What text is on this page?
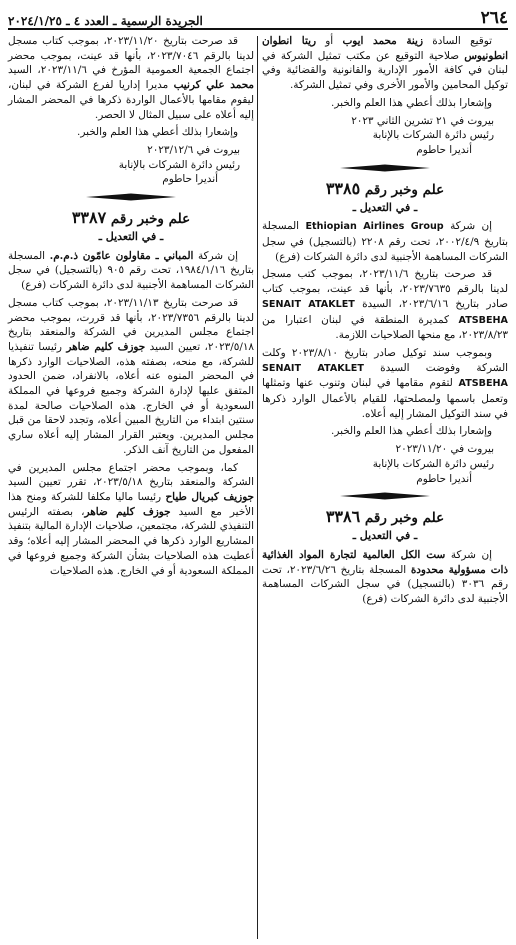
٢٦٤
الجريدة الرسمية ـ العدد ٤ ـ ٢٠٢٤/١/٢٥

توقيع السادة زينة محمد ايوب أو ريتا انطوان انطونيوس صلاحية التوقيع عن مكتب تمثيل الشركة في لبنان في كافة الأمور الإدارية والقانونية والقضائية وفي توكيل المحامين والأمور الأخرى وفي تمثيل الشركة.

وإشعارا بذلك أعطي هذا العلم والخبر.

بيروت في ٢١ تشرين الثاني ٢٠٢٣

رئيس دائرة الشركات بالإنابة

أنديرا حاطوم

علم وخبر رقم ٣٣٨٥

ـ في التعديل ـ

إن شركة Ethiopian Airlines Group المسجلة بتاريخ ٢٠٠٢/٤/٩، تحت رقم ٢٢٠٨ (بالتسجيل) في سجل الشركات المساهمة الأجنبية لدى دائرة الشركات (فرع)

قد صرحت بتاريخ ٢٠٢٣/١١/٦، بموجب كتب مسجل لدينا بالرقم ٢٠٢٣/٧٦٣٥، بأنها قد عينت، بموجب كتاب صادر بتاريخ ٢٠٢٣/٦/١٦، السيدة SENAIT ATAKLET ATSBEHA كمديرة المنطقة في لبنان اعتبارا من ٢٠٢٣/٨/٢٣، مع منحها الصلاحيات اللازمة.

وبموجب سند توكيل صادر بتاريخ ٢٠٢٣/٨/١٠ وكلت الشركة وفوضت السيدة SENAIT ATAKLET ATSBEHA لتقوم مقامها في لبنان وتنوب عنها وتمثلها وتعمل باسمها ولمصلحتها، للقيام بالأعمال الوارد ذكرها في سند التوكيل المشار إليه أعلاه.

وإشعارا بذلك أعطي هذا العلم والخبر.

بيروت في ٢٠٢٣/١١/٢٠

رئيس دائرة الشركات بالإنابة

أنديرا حاطوم

علم وخبر رقم ٣٣٨٦

ـ في التعديل ـ

إن شركة ست الكل العالمية لتجارة المواد الغذائية ذات مسؤولية محدودة المسجلة بتاريخ ٢٠٢٣/٦/٢٦، تحت رقم ٣٠٣٦ (بالتسجيل) في سجل الشركات المساهمة الأجنبية لدى دائرة الشركات (فرع)

قد صرحت بتاريخ ٢٠٢٣/١١/٢٠، بموجب كتاب مسجل لدينا بالرقم ٢٠٢٣/٧٠٤٦، بأنها قد عينت، بموجب محضر اجتماع الجمعية العمومية المؤرخ في ٢٠٢٣/١١/٦، السيد محمد علي كرنيب مديرا إداريا لفرع الشركة في لبنان، ليقوم مقامها بالأعمال الواردة ذكرها في المحضر المشار إليه أعلاه على سبيل المثال لا الحصر.

وإشعارا بذلك أعطي هذا العلم والخبر.

بيروت في ٢٠٢٣/١٢/٦

رئيس دائرة الشركات بالإنابة

أنديرا حاطوم

علم وخبر رقم ٣٣٨٧

ـ في التعديل ـ

إن شركة المباني ـ مقاولون عامّون ذ.م.م. المسجلة بتاريخ ١٩٨٤/١/١٦، تحت رقم ٩٠٥ (بالتسجيل) في سجل الشركات المساهمة الأجنبية لدى دائرة الشركات (فرع)

قد صرحت بتاريخ ٢٠٢٣/١١/١٣، بموجب كتاب مسجل لدينا بالرقم ٢٠٢٣/٧٣٥٦، بأنها قد قررت، بموجب محضر اجتماع مجلس المديرين في الشركة والمنعقد بتاريخ ٢٠٢٣/٥/١٨، تعيين السيد جوزف كليم ضاهر رئيسا تنفيذيا للشركة، مع منحه، بصفته هذه، الصلاحيات الوارد ذكرها في المحضر المنوه عنه أعلاه، بالانفراد، ضمن الحدود المتفق عليها لإدارة الشركة وجميع فروعها في المملكة السعودية أو في الخارج. هذه الصلاحيات صالحة لمدة سنتين ابتداء من التاريخ المبين أعلاه، وتجدد لاحقا من قبل مجلس المديرين. ويعتبر القرار المشار إليه أعلاه ساري المفعول من التاريخ آنف الذكر.

كما، وبموجب محضر اجتماع مجلس المديرين في الشركة والمنعقد بتاريخ ٢٠٢٣/٥/١٨، تقرر تعيين السيد جوزيف كبريال طياح رئيسا ماليا مكلفا للشركة ومنح هذا الأخير مع السيد جوزف كليم ضاهر، بصفته الرئيس التنفيذي للشركة، مجتمعين، صلاحيات الإدارة المالية بتنفيذ المشاريع الوارد ذكرها في المحضر المشار إليه أعلاه؛ وقد أعطيت هذه الصلاحيات بشأن الشركة وجميع فروعها في المملكة السعودية أو في الخارج. هذه الصلاحيات
